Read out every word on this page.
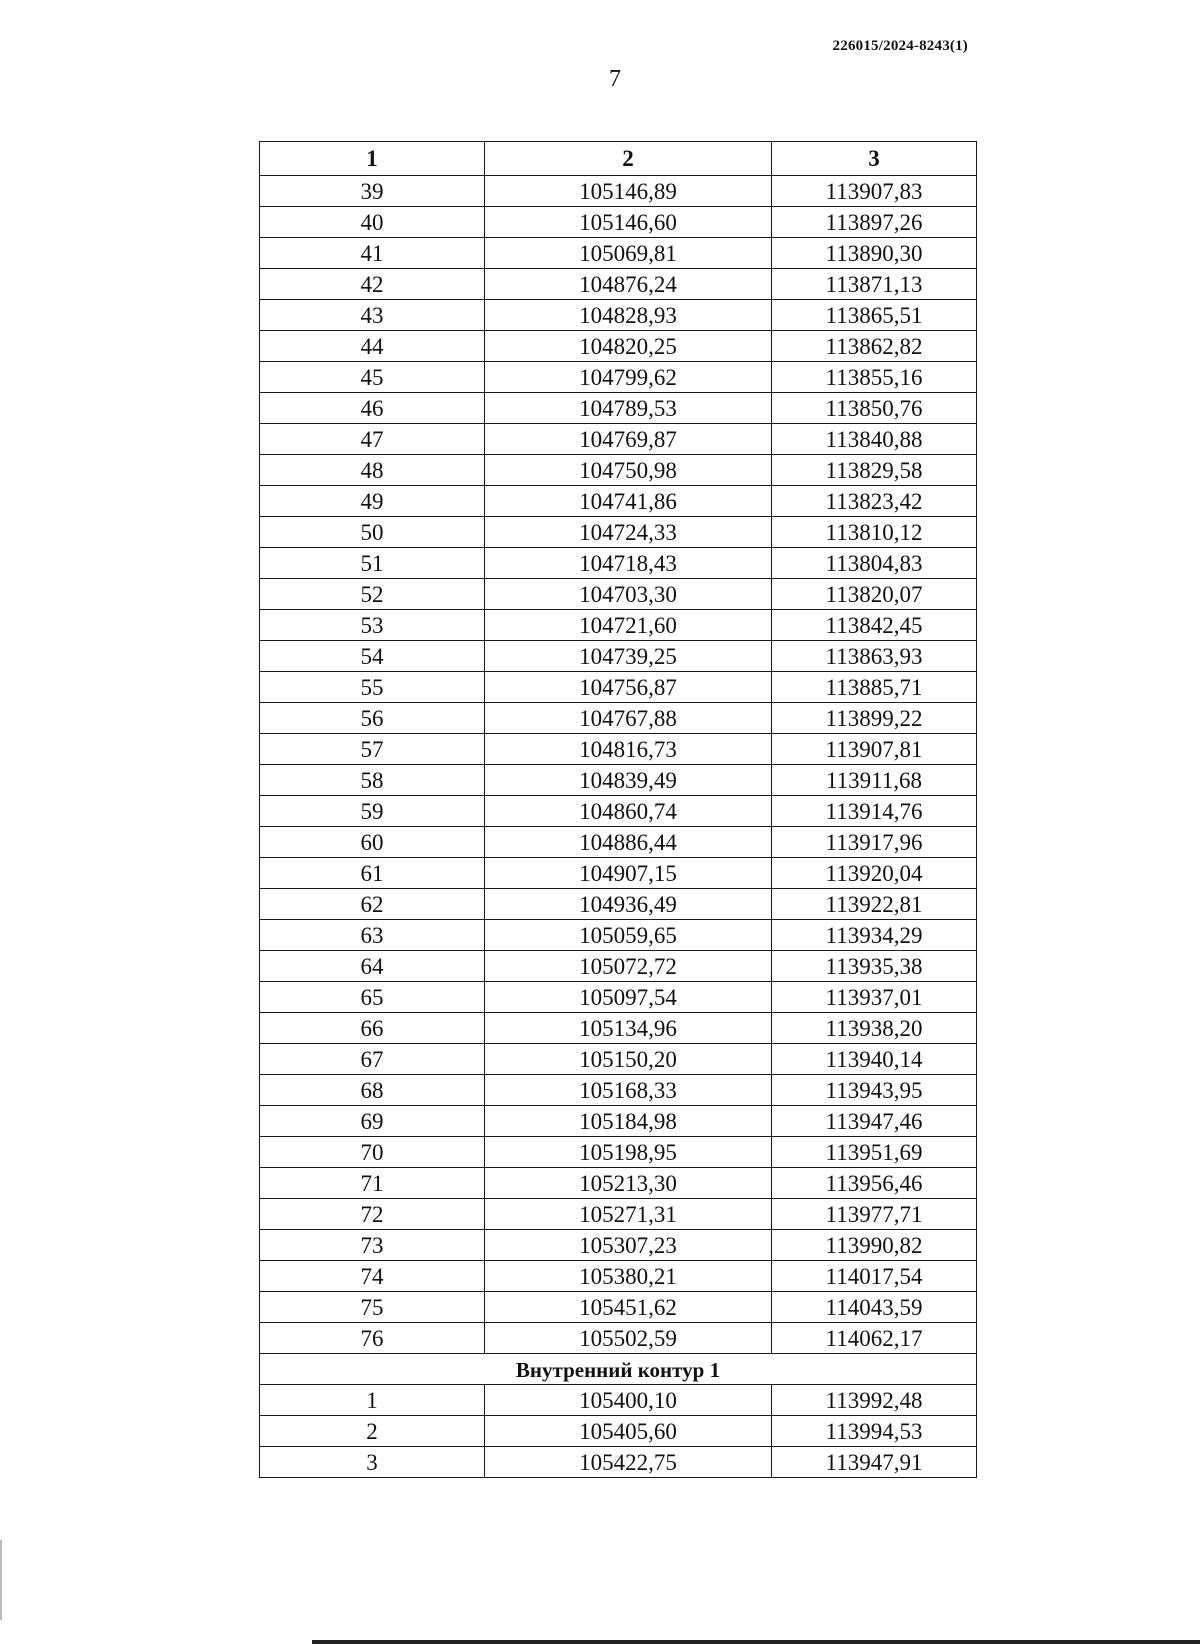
226015/2024-8243(1)
7
1	2	3
39	105146,89	113907,83
40	105146,60	113897,26
41	105069,81	113890,30
42	104876,24	113871,13
43	104828,93	113865,51
44	104820,25	113862,82
45	104799,62	113855,16
46	104789,53	113850,76
47	104769,87	113840,88
48	104750,98	113829,58
49	104741,86	113823,42
50	104724,33	113810,12
51	104718,43	113804,83
52	104703,30	113820,07
53	104721,60	113842,45
54	104739,25	113863,93
55	104756,87	113885,71
56	104767,88	113899,22
57	104816,73	113907,81
58	104839,49	113911,68
59	104860,74	113914,76
60	104886,44	113917,96
61	104907,15	113920,04
62	104936,49	113922,81
63	105059,65	113934,29
64	105072,72	113935,38
65	105097,54	113937,01
66	105134,96	113938,20
67	105150,20	113940,14
68	105168,33	113943,95
69	105184,98	113947,46
70	105198,95	113951,69
71	105213,30	113956,46
72	105271,31	113977,71
73	105307,23	113990,82
74	105380,21	114017,54
75	105451,62	114043,59
76	105502,59	114062,17
Внутренний контур 1		
1	105400,10	113992,48
2	105405,60	113994,53
3	105422,75	113947,91
